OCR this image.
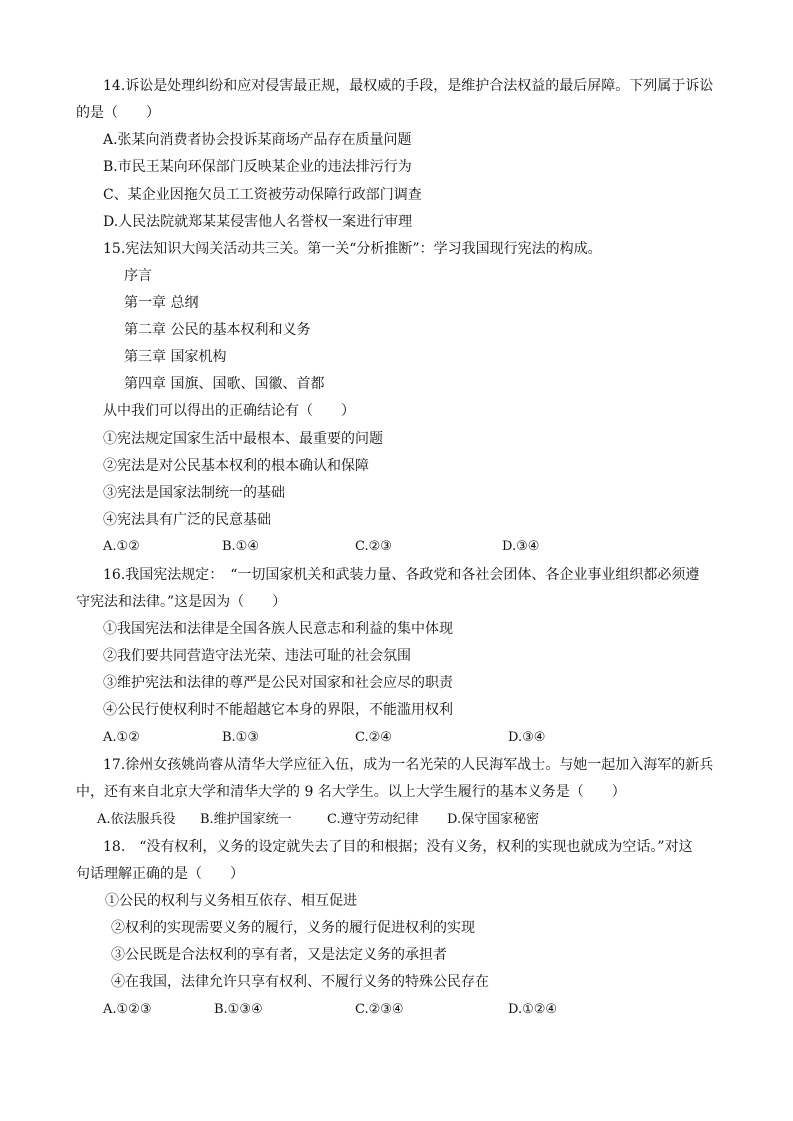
14.诉讼是处理纠纷和应对侵害最正规，最权威的手段，是维护合法权益的最后屏障。下列属于诉讼
的是（　　）
A.张某向消费者协会投诉某商场产品存在质量问题
B.市民王某向环保部门反映某企业的违法排污行为
C、某企业因拖欠员工工资被劳动保障行政部门调查
D.人民法院就郑某某侵害他人名誉权一案进行审理
15.宪法知识大闯关活动共三关。第一关“分析推断”：学习我国现行宪法的构成。
序言
第一章 总纲
第二章 公民的基本权利和义务
第三章 国家机构
第四章 国旗、国歌、国徽、首都
从中我们可以得出的正确结论有（　　）
①宪法规定国家生活中最根本、最重要的问题
②宪法是对公民基本权利的根本确认和保障
③宪法是国家法制统一的基础
④宪法具有广泛的民意基础
A.①②	B.①④	C.②③	D.③④
16.我国宪法规定：　“一切国家机关和武装力量、各政党和各社会团体、各企业事业组织都必须遵
守宪法和法律。”这是因为（　　）
①我国宪法和法律是全国各族人民意志和利益的集中体现
②我们要共同营造守法光荣、违法可耻的社会氛围
③维护宪法和法律的尊严是公民对国家和社会应尽的职责
④公民行使权利时不能超越它本身的界限，不能滥用权利
A.①②	B.①③	C.②④	D.③④
17.徐州女孩姚尚睿从清华大学应征入伍，成为一名光荣的人民海军战士。与她一起加入海军的新兵
中，还有来自北京大学和清华大学的 9 名大学生。以上大学生履行的基本义务是（　　）
A.依法服兵役 B.维护国家统一	C.遵守劳动纪律 D.保守国家秘密
18.　“没有权利，义务的设定就失去了目的和根据；没有义务，权利的实现也就成为空话。”对这
句话理解正确的是（　　）
①公民的权利与义务相互依存、相互促进
②权利的实现需要义务的履行，义务的履行促进权利的实现
③公民既是合法权利的享有者，又是法定义务的承担者
④在我国，法律允许只享有权利、不履行义务的特殊公民存在
A.①②③	B.①③④	C.②③④	D.①②④
